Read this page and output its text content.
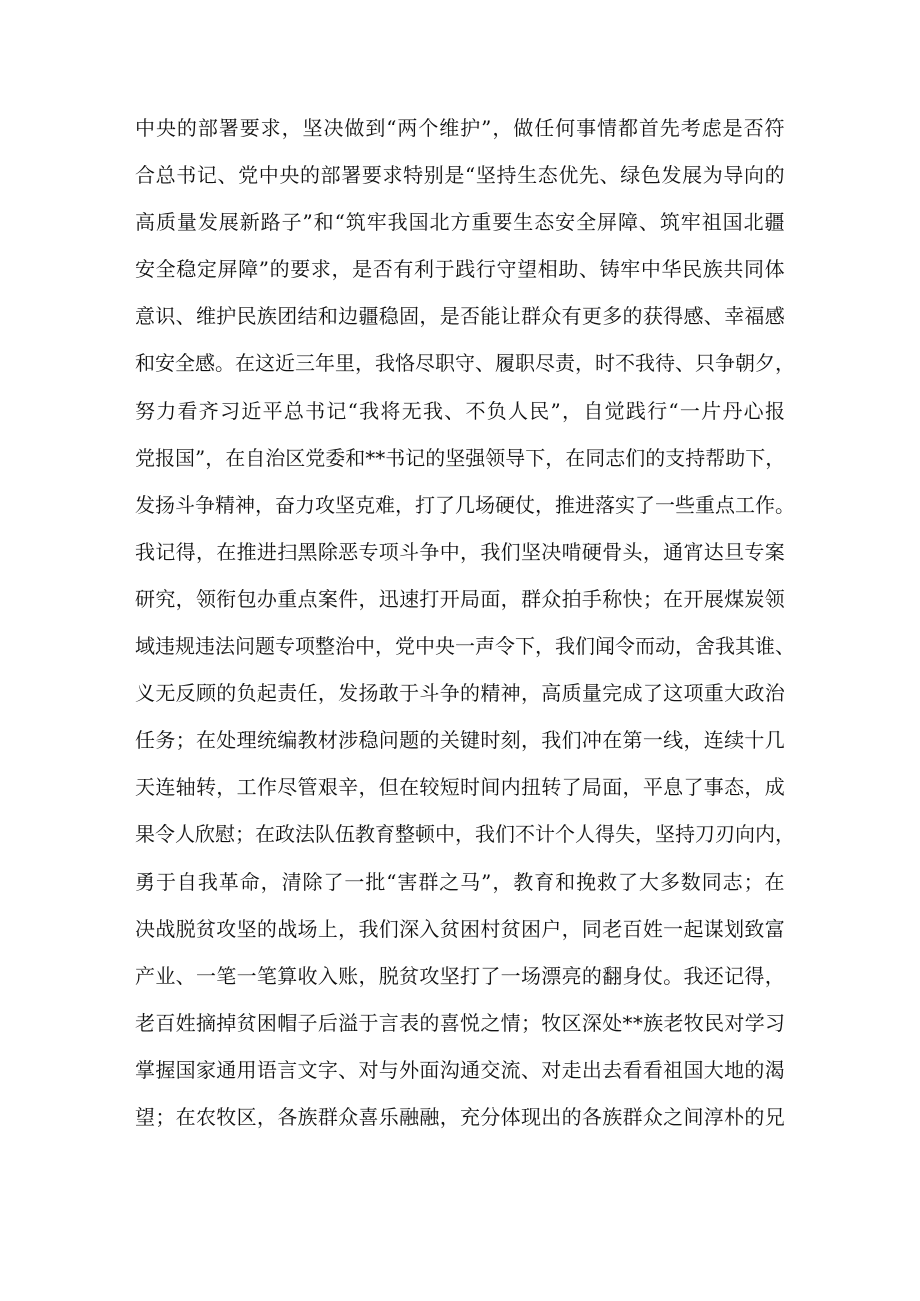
中 央 的 部 署 要 求 ， 坚 决 做 到 “ 两 个 维 护 ” ， 做 任 何 事 情 都 首 先 考 虑 是 否 符
合 总 书 记 、 党 中 央 的 部 署 要 求 特 别 是 “ 坚 持 生 态 优 先 、 绿 色 发 展 为 导 向 的
高 质 量 发 展 新 路 子 ” 和 “ 筑 牢 我 国 北 方 重 要 生 态 安 全 屏 障 、 筑 牢 祖 国 北 疆
安 全 稳 定 屏 障 ” 的 要 求 ， 是 否 有 利 于 践 行 守 望 相 助 、 铸 牢 中 华 民 族 共 同 体
意 识 、 维 护 民 族 团 结 和 边 疆 稳 固 ， 是 否 能 让 群 众 有 更 多 的 获 得 感 、 幸 福 感
和 安 全 感 。 在 这 近 三 年 里 ， 我 恪 尽 职 守 、 履 职 尽 责 ， 时 不 我 待 、 只 争 朝 夕 ，
努 力 看 齐 习 近 平 总 书 记 “ 我 将 无 我 、 不 负 人 民 ” ， 自 觉 践 行 “ 一 片 丹 心 报
党 报 国 ” ， 在 自 治 区 党 委 和 * * 书 记 的 坚 强 领 导 下 ， 在 同 志 们 的 支 持 帮 助 下 ，
发 扬 斗 争 精 神 ， 奋 力 攻 坚 克 难 ， 打 了 几 场 硬 仗 ， 推 进 落 实 了 一 些 重 点 工 作 。
我 记 得 ， 在 推 进 扫 黑 除 恶 专 项 斗 争 中 ， 我 们 坚 决 啃 硬 骨 头 ， 通 宵 达 旦 专 案
研 究 ， 领 衔 包 办 重 点 案 件 ， 迅 速 打 开 局 面 ， 群 众 拍 手 称 快 ； 在 开 展 煤 炭 领
域 违 规 违 法 问 题 专 项 整 治 中 ， 党 中 央 一 声 令 下 ， 我 们 闻 令 而 动 ， 舍 我 其 谁 、
义 无 反 顾 的 负 起 责 任 ， 发 扬 敢 于 斗 争 的 精 神 ， 高 质 量 完 成 了 这 项 重 大 政 治
任 务 ； 在 处 理 统 编 教 材 涉 稳 问 题 的 关 键 时 刻 ， 我 们 冲 在 第 一 线 ， 连 续 十 几
天 连 轴 转 ， 工 作 尽 管 艰 辛 ， 但 在 较 短 时 间 内 扭 转 了 局 面 ， 平 息 了 事 态 ， 成
果 令 人 欣 慰 ； 在 政 法 队 伍 教 育 整 顿 中 ， 我 们 不 计 个 人 得 失 ， 坚 持 刀 刃 向 内 ，
勇 于 自 我 革 命 ， 清 除 了 一 批 “ 害 群 之 马 ” ， 教 育 和 挽 救 了 大 多 数 同 志 ； 在
决 战 脱 贫 攻 坚 的 战 场 上 ， 我 们 深 入 贫 困 村 贫 困 户 ， 同 老 百 姓 一 起 谋 划 致 富
产 业 、 一 笔 一 笔 算 收 入 账 ， 脱 贫 攻 坚 打 了 一 场 漂 亮 的 翻 身 仗 。 我 还 记 得 ，
老 百 姓 摘 掉 贫 困 帽 子 后 溢 于 言 表 的 喜 悦 之 情 ； 牧 区 深 处 * * 族 老 牧 民 对 学 习
掌 握 国 家 通 用 语 言 文 字 、 对 与 外 面 沟 通 交 流 、 对 走 出 去 看 看 祖 国 大 地 的 渴
望 ； 在 农 牧 区 ， 各 族 群 众 喜 乐 融 融 ， 充 分 体 现 出 的 各 族 群 众 之 间 淳 朴 的 兄
